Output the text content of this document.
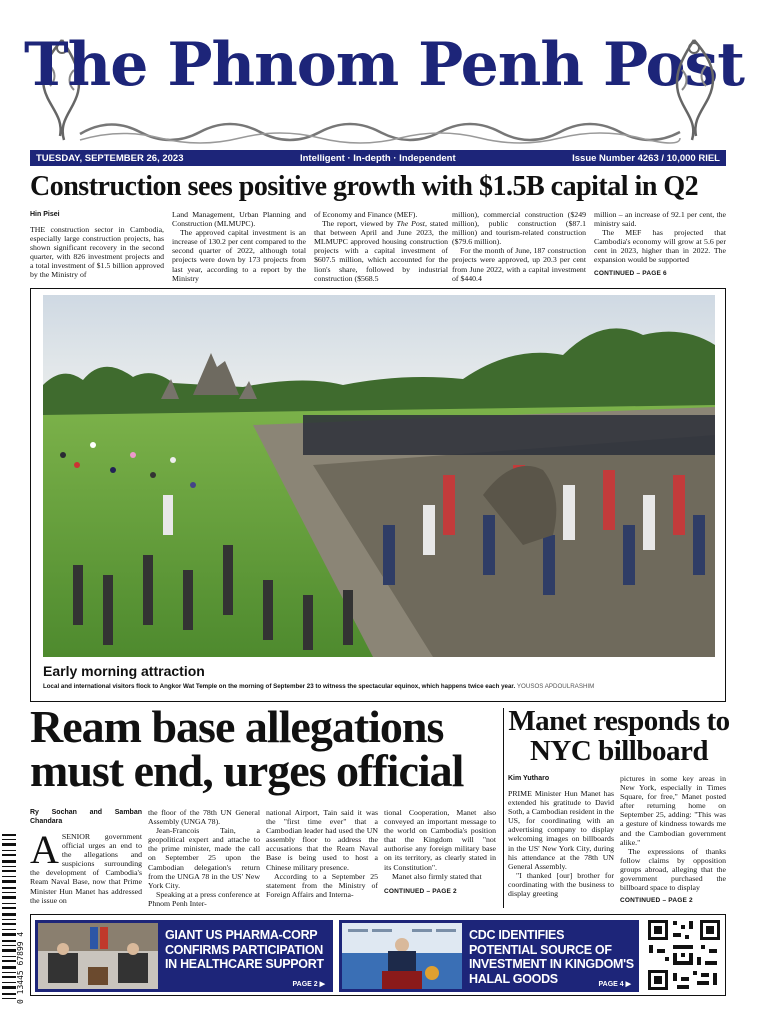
The Phnom Penh Post
TUESDAY, SEPTEMBER 26, 2023	Intelligent · In-depth · Independent	Issue Number 4263 / 10,000 RIEL
Construction sees positive growth with $1.5B capital in Q2
Hin Pisei

THE construction sector in Cambodia, especially large construction projects, has shown significant recovery in the second quarter, with 826 investment projects and a total investment of $1.5 billion approved by the Ministry of

Land Management, Urban Planning and Construction (MLMUPC).

The approved capital investment is an increase of 130.2 per cent compared to the second quarter of 2022, although total projects were down by 173 projects from last year, according to a report by the Ministry

of Economy and Finance (MEF).

The report, viewed by The Post, stated that between April and June 2023, the MLMUPC approved housing construction projects with a capital investment of $607.5 million, which accounted for the lion's share, followed by industrial construction ($568.5

million), commercial construction ($249 million), public construction ($87.1 million) and tourism-related construction ($79.6 million).

For the month of June, 187 construction projects were approved, up 20.3 per cent from June 2022, with a capital investment of $440.4

million – an increase of 92.1 per cent, the ministry said.

The MEF has projected that Cambodia's economy will grow at 5.6 per cent in 2023, higher than in 2022. The expansion would be supported

CONTINUED – PAGE 6
Early morning attraction
Local and international visitors flock to Angkor Wat Temple on the morning of September 23 to witness the spectacular equinox, which happens twice each year. YOUSOS APDOULRASHIM
Ream base allegations must end, urges official
Ry Sochan and Samban Chandara

ASENIOR government official urges an end to the allegations and suspicions surrounding the development of Cambodia's Ream Naval Base, now that Prime Minister Hun Manet has addressed the issue on

the floor of the 78th UN General Assembly (UNGA 78).

Jean-Francois Tain, a geopolitical expert and attache to the prime minister, made the call on September 25 upon the Cambodian delegation's return from the UNGA 78 in the US' New York City.

Speaking at a press conference at Phnom Penh Inter-

national Airport, Tain said it was the "first time ever" that a Cambodian leader had used the UN assembly floor to address the accusations that the Ream Naval Base is being used to host a Chinese military presence.

According to a September 25 statement from the Ministry of Foreign Affairs and Interna-

tional Cooperation, Manet also conveyed an important message to the world on Cambodia's position that the Kingdom will "not authorise any foreign military base on its territory, as clearly stated in its Constitution".

Manet also firmly stated that

CONTINUED – PAGE 2
Manet responds to NYC billboard
Kim Yutharo

PRIME Minister Hun Manet has extended his gratitude to David Soth, a Cambodian resident in the US, for coordinating with an advertising company to display welcoming images on billboards in the US' New York City, during his attendance at the 78th UN General Assembly.

"I thanked [our] brother for coordinating with the business to display greeting

pictures in some key areas in New York, especially in Times Square, for free," Manet posted after returning home on September 25, adding: "This was a gesture of kindness towards me and the Cambodian government alike."

The expressions of thanks follow claims by opposition groups abroad, alleging that the government purchased the billboard space to display

CONTINUED – PAGE 2
0 13445 67899 4	GIANT US PHARMA-CORP CONFIRMS PARTICIPATION IN HEALTHCARE SUPPORT
PAGE 2 ▶
CDC IDENTIFIES POTENTIAL SOURCE OF INVESTMENT IN KINGDOM'S HALAL GOODS	PAGE 4 ▶
